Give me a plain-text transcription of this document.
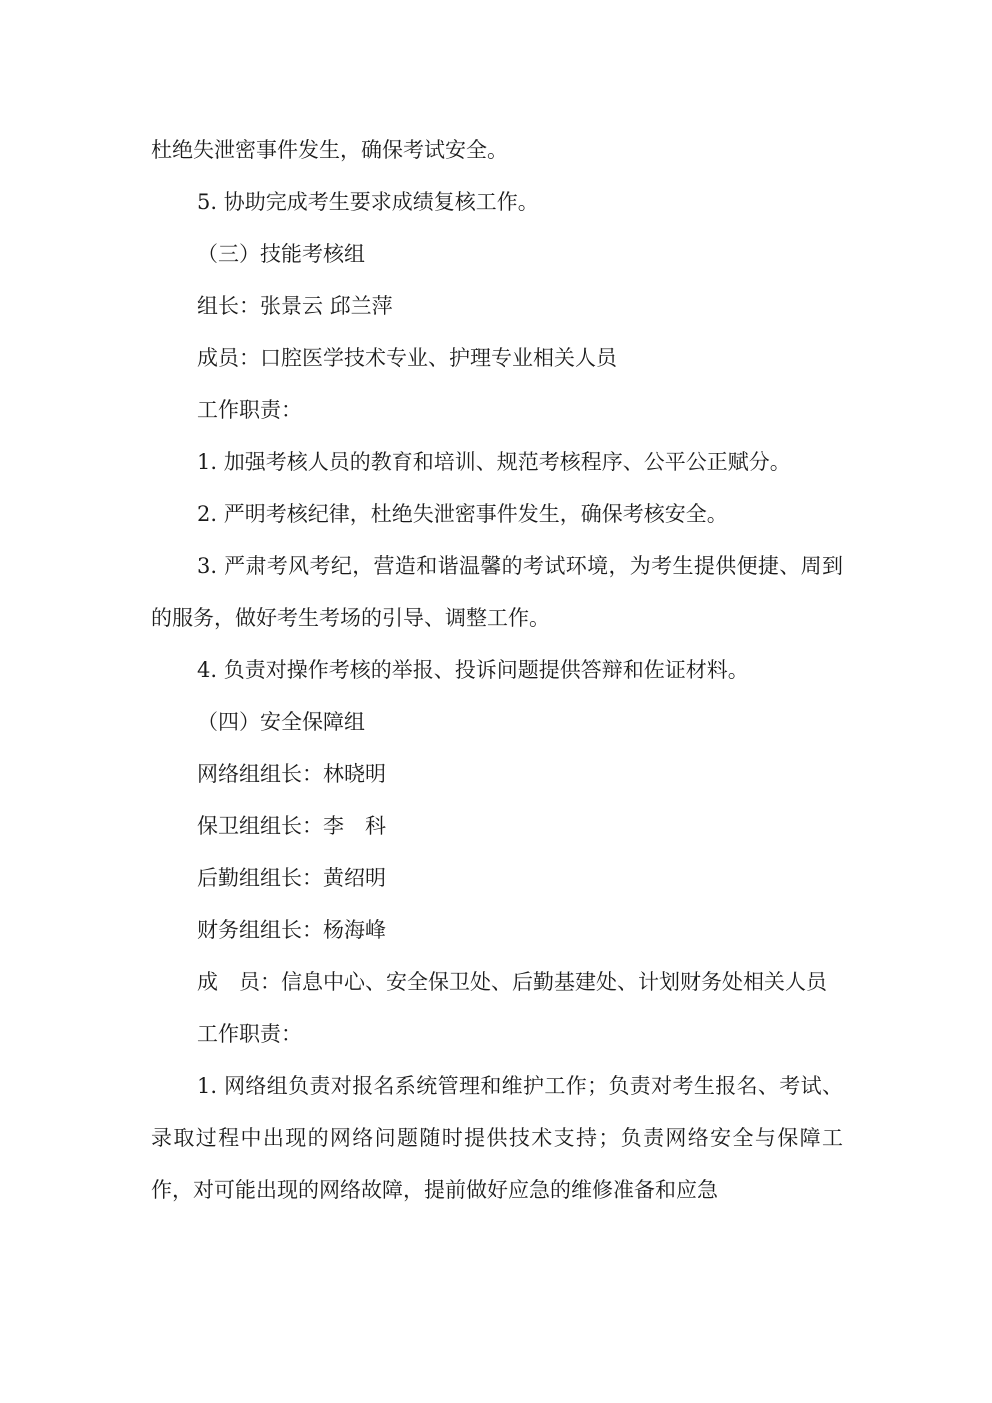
杜绝失泄密事件发生，确保考试安全。

5. 协助完成考生要求成绩复核工作。

（三）技能考核组

组长：张景云 邱兰萍

成员：口腔医学技术专业、护理专业相关人员

工作职责：

1. 加强考核人员的教育和培训、规范考核程序、公平公正赋分。

2. 严明考核纪律，杜绝失泄密事件发生，确保考核安全。

3. 严肃考风考纪，营造和谐温馨的考试环境，为考生提供便捷、周到的服务，做好考生考场的引导、调整工作。

4. 负责对操作考核的举报、投诉问题提供答辩和佐证材料。

（四）安全保障组

网络组组长：林晓明

保卫组组长：李　科

后勤组组长：黄绍明

财务组组长：杨海峰

成　员：信息中心、安全保卫处、后勤基建处、计划财务处相关人员

工作职责：

1. 网络组负责对报名系统管理和维护工作；负责对考生报名、考试、录取过程中出现的网络问题随时提供技术支持；负责网络安全与保障工作，对可能出现的网络故障，提前做好应急的维修准备和应急
